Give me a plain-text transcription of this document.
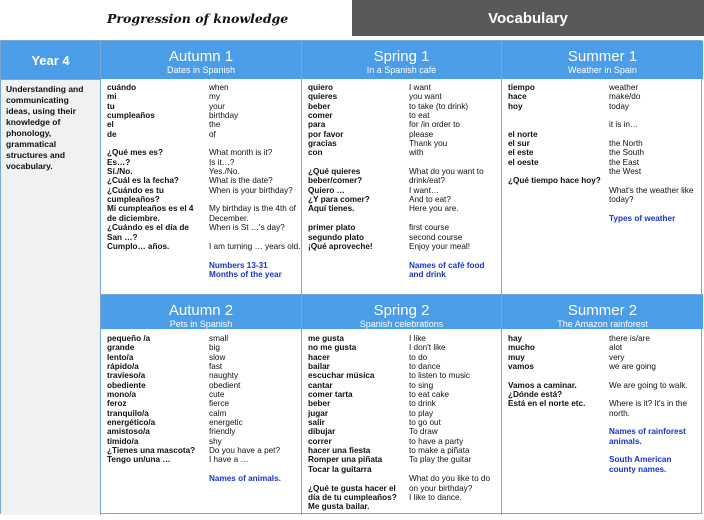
Progression of knowledge	Vocabulary
Year 4
Understanding and communicating ideas, using their knowledge of phonology, grammatical structures and vocabulary.
Autumn 1
Dates in Spanish
Spring 1
In a Spanish café
Summer 1
Weather in Spain
Autumn 2
Pets in Spanish
Spring 2
Spanish celebrations
Summer 2
The Amazon rainforest
cuándo
mi
tu
cumpleaños
el
de
¿Qué mes es?
Es…?
Sí./No.
¿Cuál es la fecha?
¿Cuándo es tu cumpleaños?
Mi cumpleaños es el 4 de diciembre.
¿Cuándo es el día de San …?
Cumplo… años.
when
my
your
birthday
the
of
What month is it?
Is it…?
Yes./No.
What is the date?
When is your birthday?
My birthday is the 4th of December.
When is St …'s day?
I am turning … years old.
Numbers 13-31
Months of the year
quiero
quieres
beber
comer
para
por favor
gracias
con
¿Qué quieres beber/comer?
Quiero …
¿Y para comer?
Aquí tienes.
primer plato
segundo plato
¡Qué aproveche!
I want
you want
to take (to drink)
to eat
for /in order to
please
Thank you
with
What do you want to drink/eat?
I want…
And to eat?
Here you are.
first course
second course
Enjoy your meal!
Names of café food and drink
tiempo
hace
hoy
el norte
el sur
el este
el oeste
¿Qué tiempo hace hoy?
weather
make/do
today
it is in…
the North
the South
the East
the West
What's the weather like today?
Types of weather
pequeño /a
grande
lento/a
rápido/a
travieso/a
obediente
mono/a
feroz
tranquilo/a
energético/a
amistoso/a
tímido/a
¿Tienes una mascota?
Tengo un/una …
small
big
slow
fast
naughty
obedient
cute
fierce
calm
energetic
friendly
shy
Do you have a pet?
I have a …
Names of animals.
me gusta
no me gusta
hacer
bailar
escuchar música
cantar
comer tarta
beber
jugar
salir
dibujar
correr
hacer una fiesta
Romper una piñata
Tocar la guitarra
¿Qué te gusta hacer el día de tu cumpleaños?
Me gusta bailar.
I like
I don't like
to do
to dance
to listen to music
to sing
to eat cake
to drink
to play
to go out
To draw
to have a party
to make a piñata
To play the guitar
What do you like to do on your birthday?
I like to dance.
hay
mucho
muy
vamos
Vamos a caminar.
¿Dónde está?
Está en el norte etc.
there is/are
alot
very
we are going
We are going to walk.
Where is it? It's in the north.
Names of rainforest animals.
South American county names.
